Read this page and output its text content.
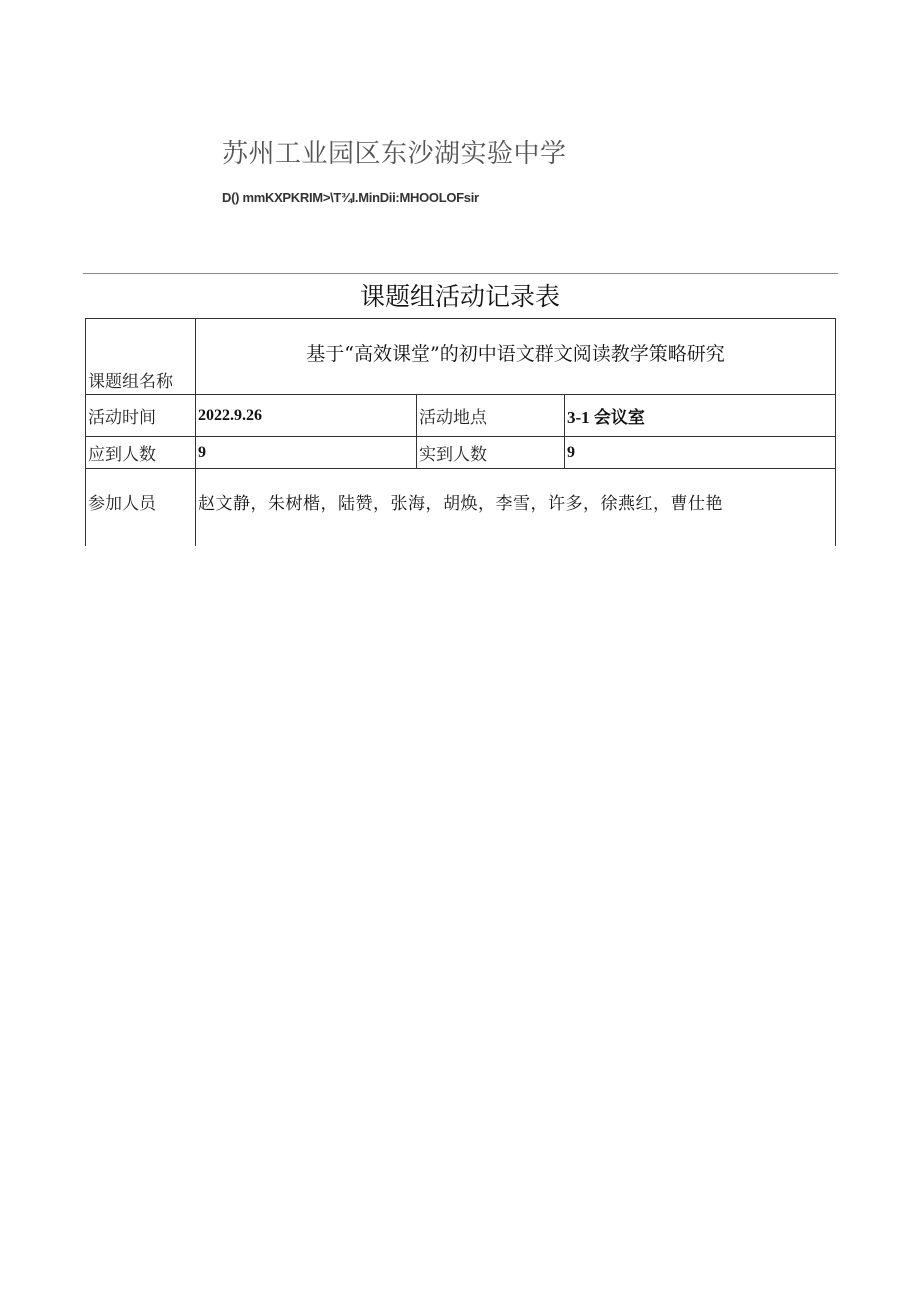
苏州工业园区东沙湖实验中学
D() mmKXPKRIM>\T¾I.MinDii:MHOOLOFsir
课题组活动记录表
课题组名称	基于“高效课堂”的初中语文群文阅读教学策略研究		
活动时间	2022.9.26	活动地点	3-1 会议室
应到人数	9	实到人数	9
参加人员	赵文静，朱树楷，陆赞，张海，胡焕，李雪，许多，徐燕红，曹仕艳		
